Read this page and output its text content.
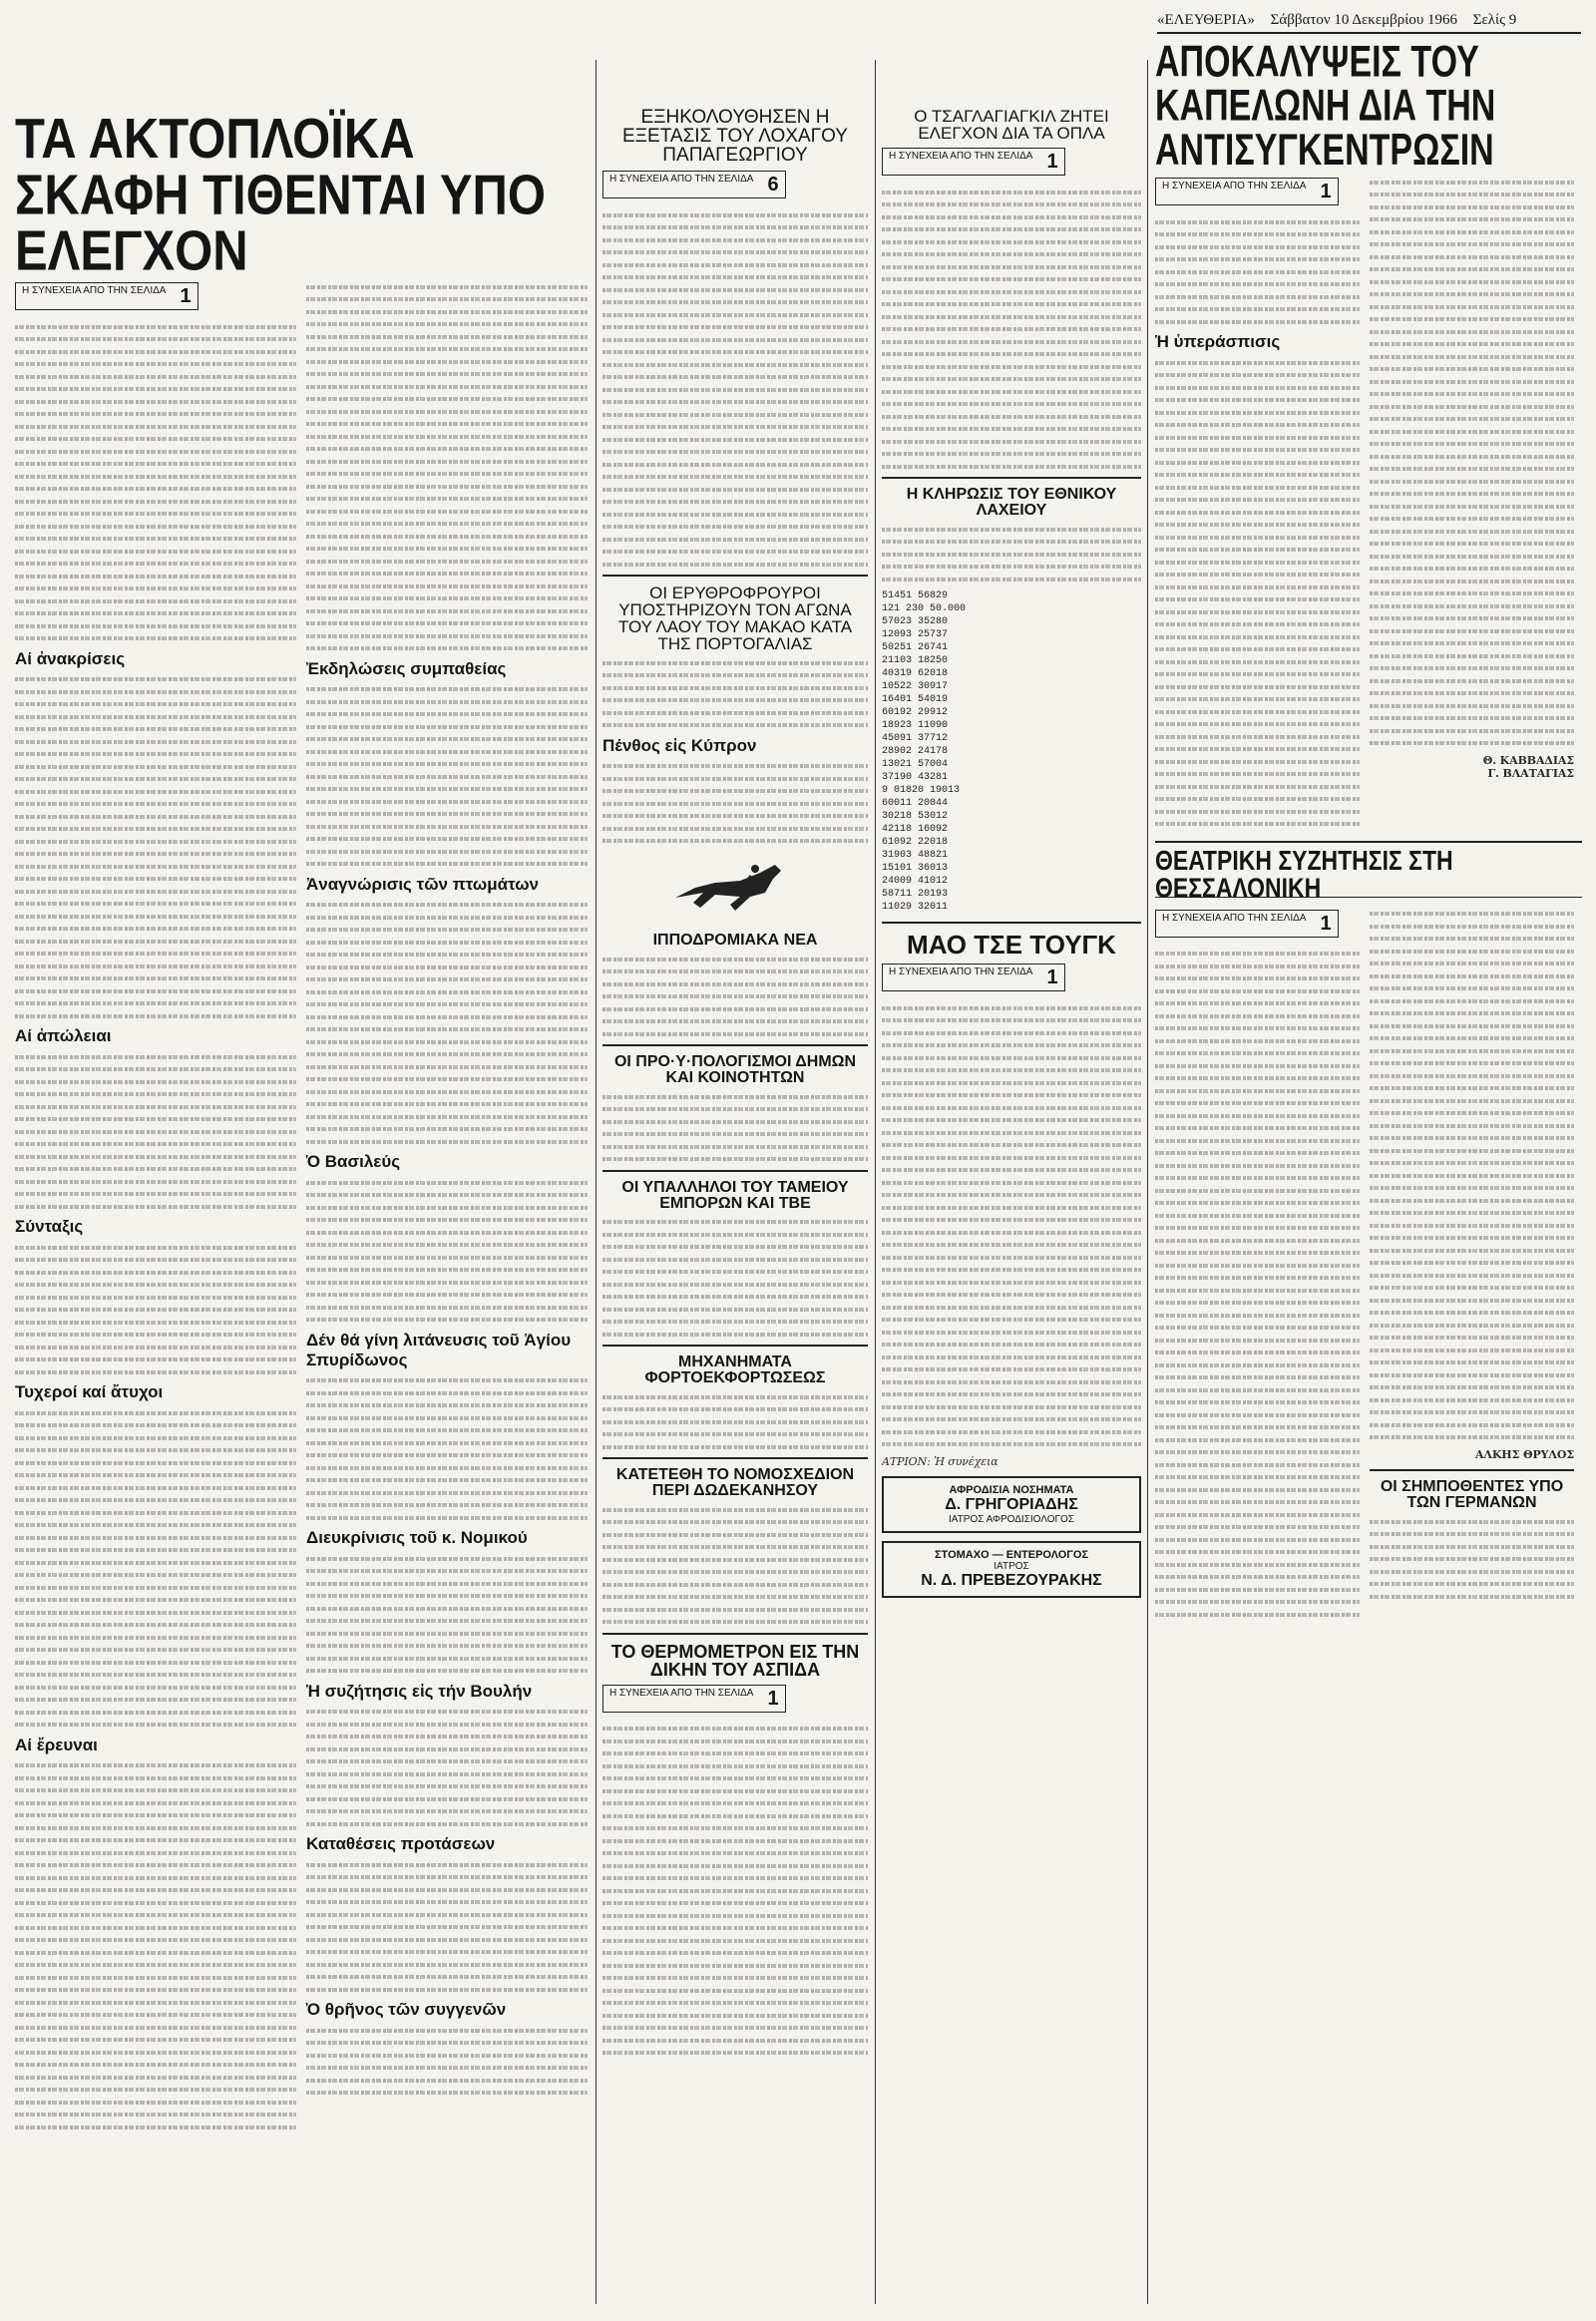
«ΕΛΕΥΘΕΡΙΑ» Σάββατον 10 Δεκεμβρίου 1966 Σελίς 9
ΤΑ ΑΚΤΟΠΛΟΪΚΑ ΣΚΑΦΗ ΤΙΘΕΝΤΑΙ ΥΠΟ ΕΛΕΓΧΟΝ
1
Η ΣΥΝΕΧΕΙΑ ΑΠΟ ΤΗΝ ΣΕΛΙΔΑ

Αί ἀνακρίσεις

Αί ἀπώλειαι

Σύνταξις

Τυχεροί καί ἄτυχοι

Αί ἔρευναι

Ἐκδηλώσεις συμπαθείας

Ἀναγνώρισις τῶν πτωμάτων

Ὁ Βασιλεύς

Δέν θά γίνη λιτάνευσις τοῦ Ἁγίου Σπυρίδωνος

Διευκρίνισις τοῦ κ. Νομικού

Ἡ συζήτησις εἰς τήν Βουλήν

Καταθέσεις προτάσεων

Ὁ θρῆνος τῶν συγγενῶν

ΕΞΗΚΟΛΟΥΘΗΣΕΝ Η ΕΞΕΤΑΣΙΣ ΤΟΥ ΛΟΧΑΓΟΥ ΠΑΠΑΓΕΩΡΓΙΟΥ
6
Η ΣΥΝΕΧΕΙΑ ΑΠΟ ΤΗΝ ΣΕΛΙΔΑ
ΟΙ ΕΡΥΘΡΟΦΡΟΥΡΟΙ ΥΠΟΣΤΗΡΙΖΟΥΝ ΤΟΝ ΑΓΩΝΑ ΤΟΥ ΛΑΟΥ ΤΟΥ ΜΑΚΑΟ ΚΑΤΑ ΤΗΣ ΠΟΡΤΟΓΑΛΙΑΣ

Πένθος εἰς Κύπρον

ΙΠΠΟΔΡΟΜΙΑΚΑ ΝΕΑ

ΟΙ ΠΡΟ·Υ·ΠΟΛΟΓΙΣΜΟΙ ΔΗΜΩΝ ΚΑΙ ΚΟΙΝΟΤΗΤΩΝ

ΟΙ ΥΠΑΛΛΗΛΟΙ ΤΟΥ ΤΑΜΕΙΟΥ ΕΜΠΟΡΩΝ ΚΑΙ ΤΒΕ

ΜΗΧΑΝΗΜΑΤΑ ΦΟΡΤΟΕΚΦΟΡΤΩΣΕΩΣ

ΚΑΤΕΤΕΘΗ ΤΟ ΝΟΜΟΣΧΕΔΙΟΝ ΠΕΡΙ ΔΩΔΕΚΑΝΗΣΟΥ

ΤΟ ΘΕΡΜΟΜΕΤΡΟΝ ΕΙΣ ΤΗΝ ΔΙΚΗΝ ΤΟΥ ΑΣΠΙΔΑ

1
Η ΣΥΝΕΧΕΙΑ ΑΠΟ ΤΗΝ ΣΕΛΙΔΑ
Ο ΤΣΑΓΛΑΓΙΑΓΚΙΛ ΖΗΤΕΙ ΕΛΕΓΧΟΝ ΔΙΑ ΤΑ ΟΠΛΑ
1
Η ΣΥΝΕΧΕΙΑ ΑΠΟ ΤΗΝ ΣΕΛΙΔΑ

Η ΚΛΗΡΩΣΙΣ ΤΟΥ ΕΘΝΙΚΟΥ ΛΑΧΕΙΟΥ

51451 56829
121 230 50.000
57023 35280
12093 25737
50251 26741
21103 18250
40319 62018
10522 30917
16401 54019
60192 29912
18923 11090
45091 37712
28902 24178
13021 57004
37190 43281
9 01820 19013
60011 20044
30218 53012
42118 16092
61092 22018
31903 48821
15101 36013
24009 41012
58711 20193
11029 32011
ΜΑΟ ΤΣΕ ΤΟΥΓΚ
1
Η ΣΥΝΕΧΕΙΑ ΑΠΟ ΤΗΝ ΣΕΛΙΔΑ

ΑΤΡΙΟΝ: Ἡ συνέχεια

ΑΦΡΟΔΙΣΙΑ ΝΟΣΗΜΑΤΑ
Δ. ΓΡΗΓΟΡΙΑΔΗΣ
ΙΑΤΡΟΣ ΑΦΡΟΔΙΣΙΟΛΟΓΟΣ
ΣΤΟΜΑΧΟ — ΕΝΤΕΡΟΛΟΓΟΣ
ΙΑΤΡΟΣ
Ν. Δ. ΠΡΕΒΕΖΟΥΡΑΚΗΣ
ΑΠΟΚΑΛΥΨΕΙΣ ΤΟΥ ΚΑΠΕΛΩΝΗ ΔΙΑ ΤΗΝ ΑΝΤΙΣΥΓΚΕΝΤΡΩΣΙΝ
1
Η ΣΥΝΕΧΕΙΑ ΑΠΟ ΤΗΝ ΣΕΛΙΔΑ

Ἡ ὑπεράσπισις

Θ. ΚΑΒΒΑΔΙΑΣ

Γ. ΒΛΑΤΑΓΙΑΣ

ΘΕΑΤΡΙΚΗ ΣΥΖΗΤΗΣΙΣ ΣΤΗ ΘΕΣΣΑΛΟΝΙΚΗ
1
Η ΣΥΝΕΧΕΙΑ ΑΠΟ ΤΗΝ ΣΕΛΙΔΑ

ΑΛΚΗΣ ΘΡΥΛΟΣ

ΟΙ ΣΗΜΠΟΘΕΝΤΕΣ ΥΠΟ ΤΩΝ ΓΕΡΜΑΝΩΝ
